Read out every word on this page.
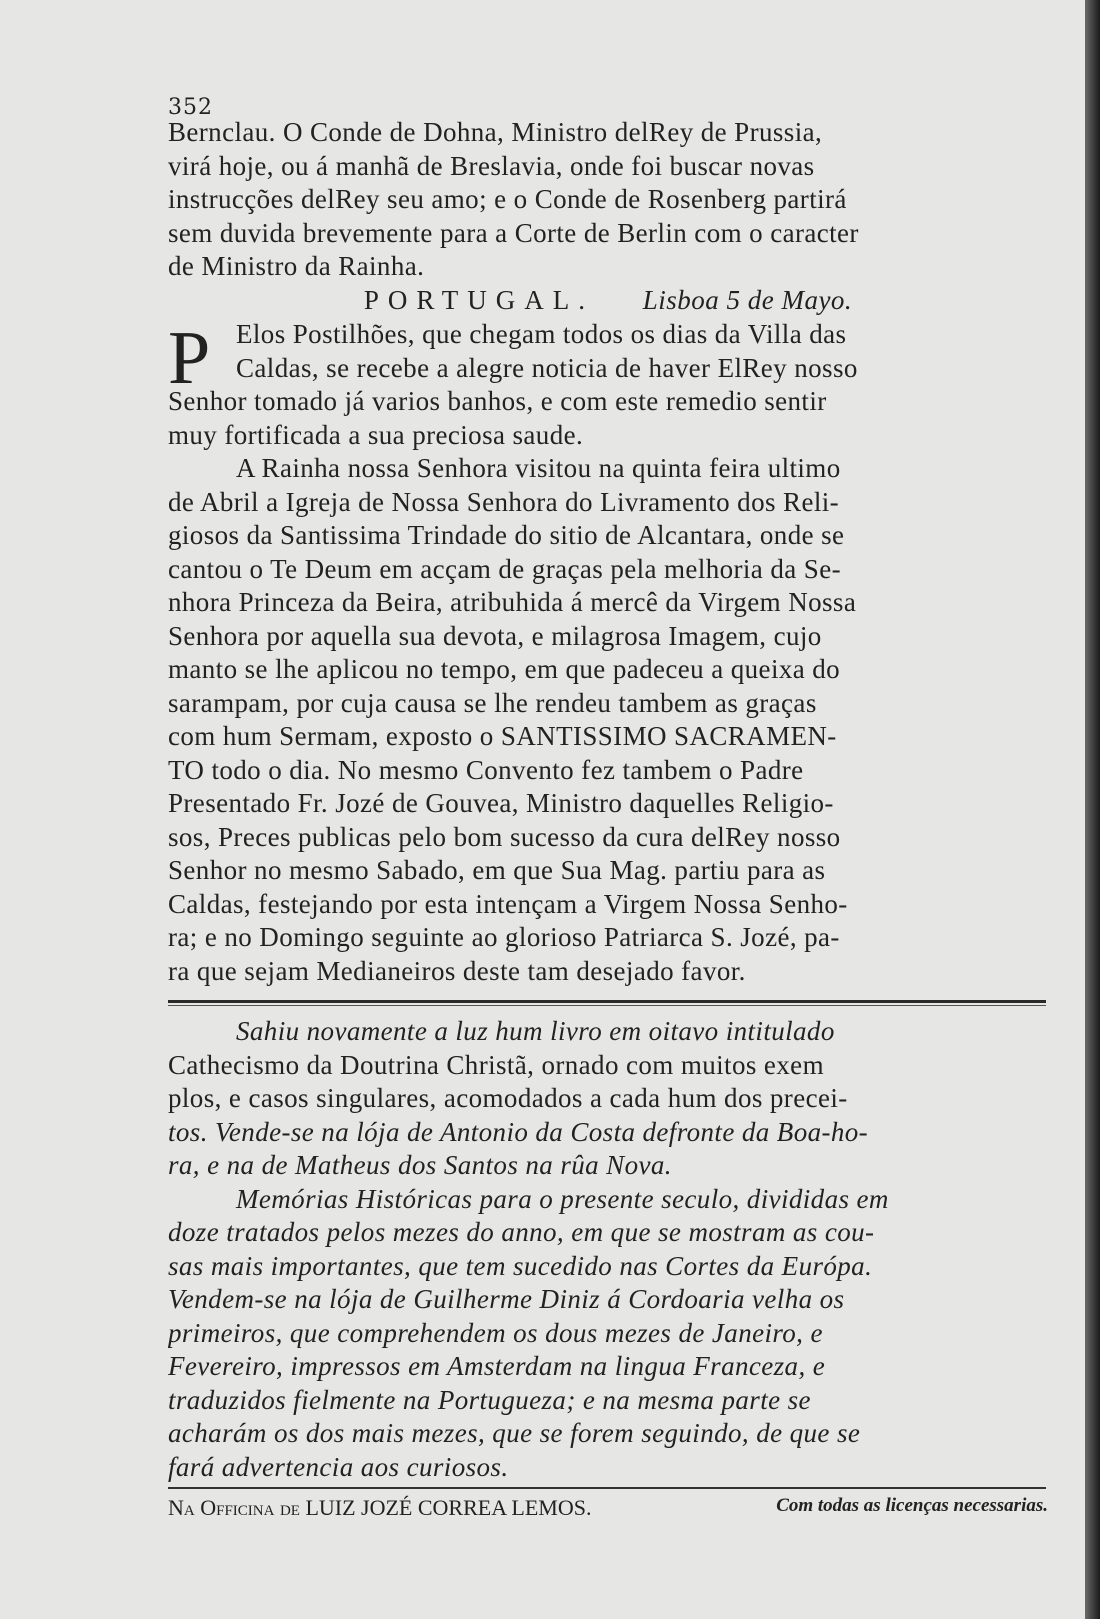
352
Bernclau. O Conde de Dohna, Ministro delRey de Prussia,
virá hoje, ou á manhã de Breslavia, onde foi buscar novas
instrucções delRey seu amo; e o Conde de Rosenberg partirá
sem duvida brevemente para a Corte de Berlin com o caracter
de Ministro da Rainha.
PORTUGAL. Lisboa 5 de Mayo.
P Elos Postilhões, que chegam todos os dias da Villa das
Caldas, se recebe a alegre noticia de haver ElRey nosso
Senhor tomado já varios banhos, e com este remedio sentir
muy fortificada a sua preciosa saude.
A Rainha nossa Senhora visitou na quinta feira ultimo
de Abril a Igreja de Nossa Senhora do Livramento dos Reli-
giosos da Santissima Trindade do sitio de Alcantara, onde se
cantou o Te Deum em acçam de graças pela melhoria da Se-
nhora Princeza da Beira, atribuhida á mercê da Virgem Nossa
Senhora por aquella sua devota, e milagrosa Imagem, cujo
manto se lhe aplicou no tempo, em que padeceu a queixa do
sarampam, por cuja causa se lhe rendeu tambem as graças
com hum Sermam, exposto o SANTISSIMO SACRAMEN-
TO todo o dia. No mesmo Convento fez tambem o Padre
Presentado Fr. Jozé de Gouvea, Ministro daquelles Religio-
sos, Preces publicas pelo bom sucesso da cura delRey nosso
Senhor no mesmo Sabado, em que Sua Mag. partiu para as
Caldas, festejando por esta intençam a Virgem Nossa Senho-
ra; e no Domingo seguinte ao glorioso Patriarca S. Jozé, pa-
ra que sejam Medianeiros deste tam desejado favor.
Sahiu novamente a luz hum livro em oitavo intitulado
Cathecismo da Doutrina Christã, ornado com muitos exem
plos, e casos singulares, acomodados a cada hum dos precei-
tos. Vende-se na lója de Antonio da Costa defronte da Boa-ho-
ra, e na de Matheus dos Santos na rûa Nova.
Memórias Históricas para o presente seculo, divididas em
doze tratados pelos mezes do anno, em que se mostram as cou-
sas mais importantes, que tem sucedido nas Cortes da Európa.
Vendem-se na lója de Guilherme Diniz á Cordoaria velha os
primeiros, que comprehendem os dous mezes de Janeiro, e
Fevereiro, impressos em Amsterdam na lingua Franceza, e
traduzidos fielmente na Portugueza; e na mesma parte se
acharám os dos mais mezes, que se forem seguindo, de que se
fará advertencia aos curiosos.
Na Officina de LUIZ JOZÉ CORREA LEMOS.	Com todas as licenças necessarias.
